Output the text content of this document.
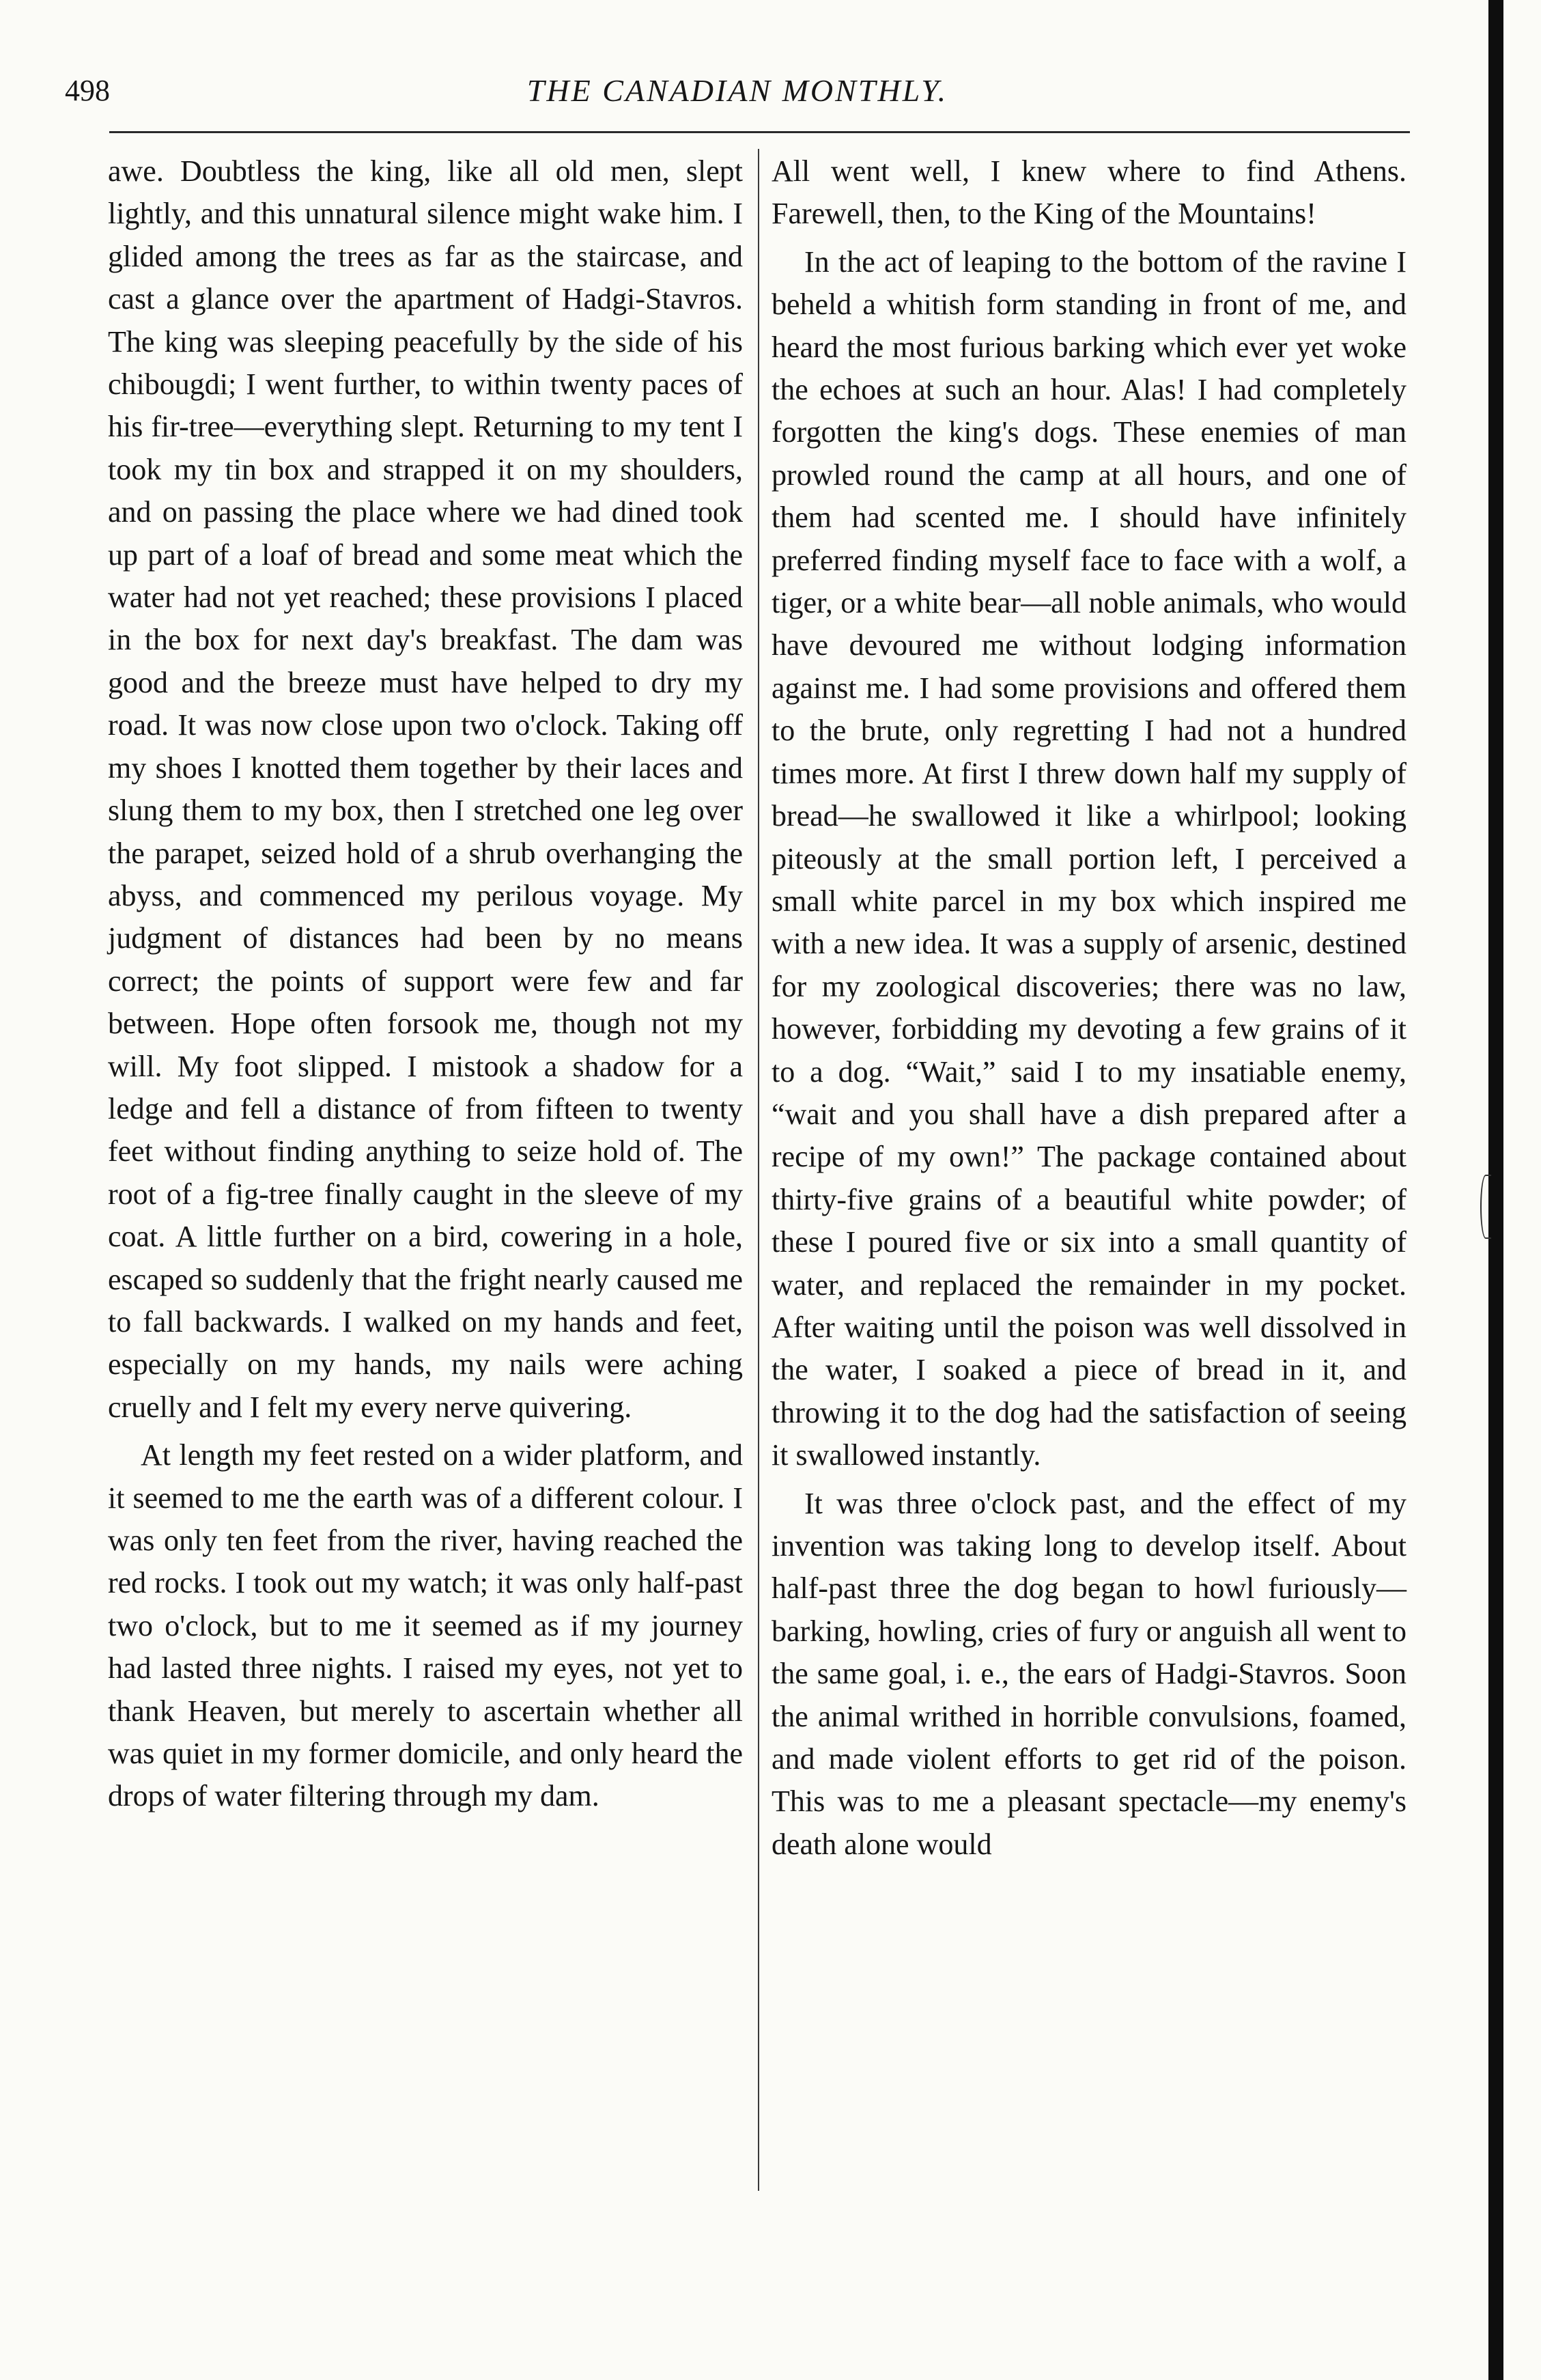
498	THE CANADIAN MONTHLY.

awe. Doubtless the king, like all old men, slept lightly, and this unnatural silence might wake him. I glided among the trees as far as the staircase, and cast a glance over the apartment of Hadgi-Stavros. The king was sleeping peacefully by the side of his chibougdi; I went further, to within twenty paces of his fir-tree—everything slept. Returning to my tent I took my tin box and strapped it on my shoulders, and on passing the place where we had dined took up part of a loaf of bread and some meat which the water had not yet reached; these provisions I placed in the box for next day's breakfast. The dam was good and the breeze must have helped to dry my road. It was now close upon two o'clock. Taking off my shoes I knotted them together by their laces and slung them to my box, then I stretched one leg over the parapet, seized hold of a shrub overhanging the abyss, and commenced my perilous voyage. My judgment of distances had been by no means correct; the points of support were few and far between. Hope often forsook me, though not my will. My foot slipped. I mistook a shadow for a ledge and fell a distance of from fifteen to twenty feet without finding anything to seize hold of. The root of a fig-tree finally caught in the sleeve of my coat. A little further on a bird, cowering in a hole, escaped so suddenly that the fright nearly caused me to fall backwards. I walked on my hands and feet, especially on my hands, my nails were aching cruelly and I felt my every nerve quivering.

At length my feet rested on a wider platform, and it seemed to me the earth was of a different colour. I was only ten feet from the river, having reached the red rocks. I took out my watch; it was only half-past two o'clock, but to me it seemed as if my journey had lasted three nights. I raised my eyes, not yet to thank Heaven, but merely to ascertain whether all was quiet in my former domicile, and only heard the drops of water filtering through my dam.

All went well, I knew where to find Athens. Farewell, then, to the King of the Mountains!

In the act of leaping to the bottom of the ravine I beheld a whitish form standing in front of me, and heard the most furious barking which ever yet woke the echoes at such an hour. Alas! I had completely forgotten the king's dogs. These enemies of man prowled round the camp at all hours, and one of them had scented me. I should have infinitely preferred finding myself face to face with a wolf, a tiger, or a white bear—all noble animals, who would have devoured me without lodging information against me. I had some provisions and offered them to the brute, only regretting I had not a hundred times more. At first I threw down half my supply of bread—he swallowed it like a whirlpool; looking piteously at the small portion left, I perceived a small white parcel in my box which inspired me with a new idea. It was a supply of arsenic, destined for my zoological discoveries; there was no law, however, forbidding my devoting a few grains of it to a dog. “Wait,” said I to my insatiable enemy, “wait and you shall have a dish prepared after a recipe of my own!” The package contained about thirty-five grains of a beautiful white powder; of these I poured five or six into a small quantity of water, and replaced the remainder in my pocket. After waiting until the poison was well dissolved in the water, I soaked a piece of bread in it, and throwing it to the dog had the satisfaction of seeing it swallowed instantly.

It was three o'clock past, and the effect of my invention was taking long to develop itself. About half-past three the dog began to howl furiously—barking, howling, cries of fury or anguish all went to the same goal, i. e., the ears of Hadgi-Stavros. Soon the animal writhed in horrible convulsions, foamed, and made violent efforts to get rid of the poison. This was to me a pleasant spectacle—my enemy's death alone would
